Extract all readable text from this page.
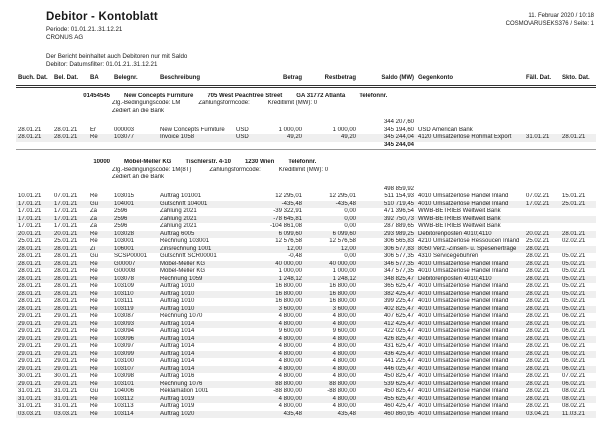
11. Februar 2020 / 10:18
COSMO\ARUSEKS376 / Seite: 1
Debitor - Kontoblatt
Periode: 01.01.21..31.12.21
CRONUS AG
Der Bericht beinhaltet auch Debitoren nur mit Saldo
Debitor: Datumsfilter: 01.01.21..31.12.21
Buch. Dat.	Bel. Dat.	BA	Belegnr.	Beschreibung		Betrag	Restbetrag	Saldo (MW)	Gegenkonto	Fäll. Dat.	Skto. Dat.

01454545 New Concepts Furniture 705 West Peachtree Street GA 31772 Atlanta Telefonnr.											
Zlg.-Bedingungscode: LM Zahlungsformcode: Kreditlimit (MW): 0											
Zediert an die Bank											

								344 207,60			
28.01.21	28.01.21	Er	000003	New Concepts Furniture	USD	1 000,00	1 000,00	345 194,60	USD American Bank		
28.01.21	28.01.21	Re	103077	Invoice 1058	USD	49,20	49,20	345 244,04	4120 Umsatzerlöse Rohmat Export	31.01.21	28.01.21
								345 244,04			

10000 Möbel-Meller KG Tischlerstr. 4-10 1230 Wien Telefonnr.											
Zlg.-Bedingungscode: 1M(8T) Zahlungsformcode: Kreditlimit (MW): 0											
Zediert an die Bank											

								498 859,92			
10.01.21	07.01.21	Re	103015	Auftrag 101001		12 295,01	12 295,01	511 154,93	4010 Umsatzerlöse Handel Inland	07.02.21	15.01.21
17.01.21	17.01.21	Gu	104001	Gutschrift 104001		-435,48	-435,48	510 719,45	4010 Umsatzerlöse Handel Inland	17.02.21	25.01.21
17.01.21	17.01.21	Za	2596	Zahlung 2021		-39 322,91	0,00	471 396,54	WWB-BETRIEB Weltweit Bank		
17.01.21	17.01.21	Za	2596	Zahlung 2021		-78 645,81	0,00	392 750,73	WWB-BETRIEB Weltweit Bank		
17.01.21	17.01.21	Za	2596	Zahlung 2021		-104 861,08	0,00	287 889,65	WWB-BETRIEB Weltweit Bank		
20.01.21	20.01.21	Re	103028	Auftrag 6005		6 099,60	6 099,60	293 989,25	Debitorenposten 4010;4110	20.02.21	28.01.21
25.01.21	25.01.21	Re	103001	Rechnung 103001		12 576,58	12 576,58	306 565,83	4210 Umsatzerlöse Ressoucen Inland	25.02.21	02.02.21
28.01.21	28.01.21	Zi	106001	Zinsrechnung 1001		12,00	12,00	306 577,83	8050 Verz.-Zinsen- u. Spesenerträge	28.02.21	
28.01.21	28.01.21	Gu	SCSP00001	Gutschrift SCR00001		-0,48	0,00	306 577,35	4310 Servicegebühren	28.02.21	05.02.21
28.01.21	28.01.21	Re	G00007	Möbel-Meller KG		40 000,00	40 000,00	346 577,35	4010 Umsatzerlöse Handel Inland	28.02.21	05.02.21
28.01.21	28.01.21	Re	G00008	Möbel-Meller KG		1 000,00	1 000,00	347 577,35	4010 Umsatzerlöse Handel Inland	28.02.21	05.02.21
28.01.21	28.01.21	Re	103078	Rechnung 1059		1 248,12	1 248,12	348 825,47	Debitorenposten 4010;4110	28.02.21	05.02.21
28.01.21	28.01.21	Re	103109	Auftrag 1010		16 800,00	16 800,00	365 625,47	4010 Umsatzerlöse Handel Inland	28.02.21	05.02.21
28.01.21	28.01.21	Re	103110	Auftrag 1010		16 800,00	16 800,00	382 425,47	4010 Umsatzerlöse Handel Inland	28.02.21	05.02.21
28.01.21	28.01.21	Re	103111	Auftrag 1010		16 800,00	16 800,00	399 225,47	4010 Umsatzerlöse Handel Inland	28.02.21	05.02.21
28.01.21	28.01.21	Re	103119	Auftrag 1010		3 600,00	3 600,00	402 825,47	4010 Umsatzerlöse Handel Inland	28.02.21	05.02.21
29.01.21	29.01.21	Re	103087	Rechnung 1070		4 800,00	4 800,00	407 625,47	4010 Umsatzerlöse Handel Inland	28.02.21	06.02.21
29.01.21	29.01.21	Re	103093	Auftrag 1014		4 800,00	4 800,00	412 425,47	4010 Umsatzerlöse Handel Inland	28.02.21	06.02.21
29.01.21	29.01.21	Re	103094	Auftrag 1014		9 600,00	9 600,00	422 025,47	4010 Umsatzerlöse Handel Inland	28.02.21	06.02.21
29.01.21	29.01.21	Re	103096	Auftrag 1014		4 800,00	4 800,00	426 825,47	4010 Umsatzerlöse Handel Inland	28.02.21	06.02.21
29.01.21	29.01.21	Re	103097	Auftrag 1014		4 800,00	4 800,00	431 625,47	4010 Umsatzerlöse Handel Inland	28.02.21	06.02.21
29.01.21	29.01.21	Re	103099	Auftrag 1014		4 800,00	4 800,00	436 425,47	4010 Umsatzerlöse Handel Inland	28.02.21	06.02.21
29.01.21	29.01.21	Re	103100	Auftrag 1014		4 800,00	4 800,00	441 225,47	4010 Umsatzerlöse Handel Inland	28.02.21	06.02.21
29.01.21	29.01.21	Re	103107	Auftrag 1014		4 800,00	4 800,00	446 025,47	4010 Umsatzerlöse Handel Inland	28.02.21	06.02.21
30.01.21	30.01.21	Re	103098	Auftrag 1016		4 800,00	4 800,00	450 825,47	4010 Umsatzerlöse Handel Inland	28.02.21	07.02.21
29.01.21	29.01.21	Re	103101	Rechnung 1076		88 800,00	88 800,00	539 625,47	4010 Umsatzerlöse Handel Inland	28.02.21	06.02.21
31.01.21	31.01.21	Gu	104006	Reklamation 1001		-88 800,00	-88 800,00	450 825,47	4010 Umsatzerlöse Handel Inland	28.02.21	08.02.21
31.01.21	31.01.21	Re	103112	Auftrag 1019		4 800,00	4 800,00	455 625,47	4010 Umsatzerlöse Handel Inland	28.02.21	08.02.21
31.01.21	31.01.21	Re	103113	Auftrag 1019		4 800,00	4 800,00	460 425,47	4010 Umsatzerlöse Handel Inland	28.02.21	08.02.21
03.03.21	03.03.21	Re	103114	Auftrag 1020		435,48	435,48	460 860,95	4010 Umsatzerlöse Handel Inland	03.04.21	11.03.21
